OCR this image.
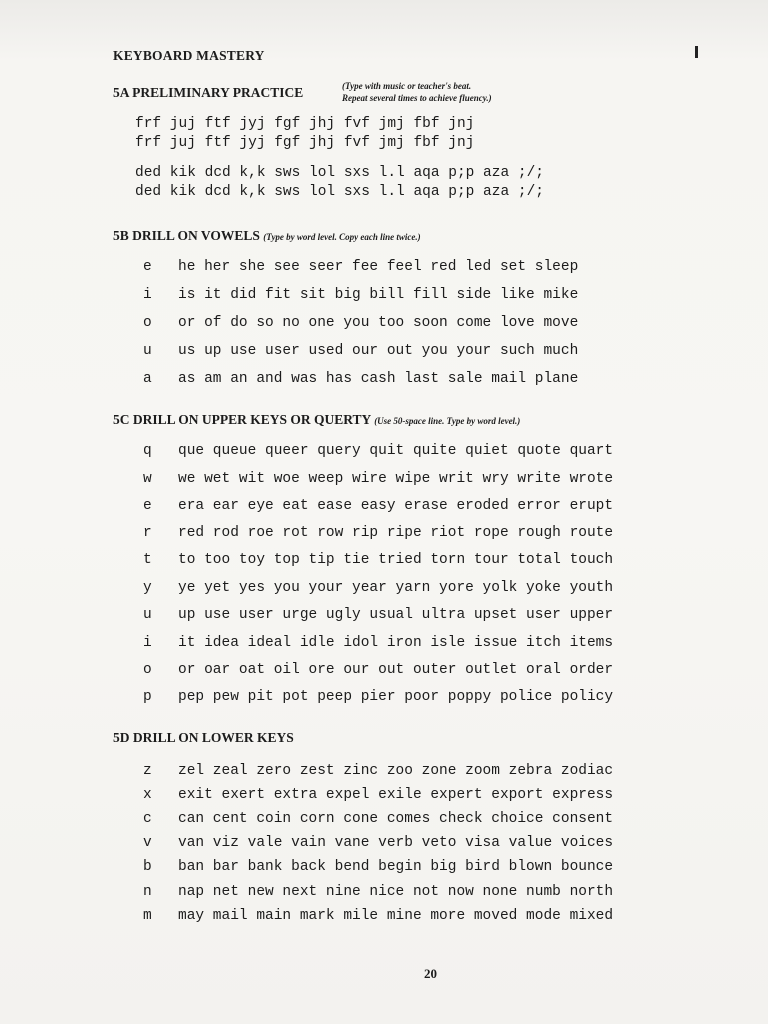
KEYBOARD MASTERY
5A PRELIMINARY PRACTICE	(Type with music or teacher's beat.
Repeat several times to achieve fluency.)
frf juj ftf jyj fgf jhj fvf jmj fbf jnj
frf juj ftf jyj fgf jhj fvf jmj fbf jnj
ded kik dcd k,k sws lol sxs l.l aqa p;p aza ;/;
ded kik dcd k,k sws lol sxs l.l aqa p;p aza ;/;
5B DRILL ON VOWELS (Type by word level. Copy each line twice.)
e he her she see seer fee feel red led set sleep
i is it did fit sit big bill fill side like mike
o or of do so no one you too soon come love move
u us up use user used our out you your such much
a as am an and was has cash last sale mail plane
5C DRILL ON UPPER KEYS OR QUERTY (Use 50-space line. Type by word level.)
q que queue queer query quit quite quiet quote quart
w we wet wit woe weep wire wipe writ wry write wrote
e era ear eye eat ease easy erase eroded error erupt
r red rod roe rot row rip ripe riot rope rough route
t to too toy top tip tie tried torn tour total touch
y ye yet yes you your year yarn yore yolk yoke youth
u up use user urge ugly usual ultra upset user upper
i it idea ideal idle idol iron isle issue itch items
o or oar oat oil ore our out outer outlet oral order
p pep pew pit pot peep pier poor poppy police policy
5D DRILL ON LOWER KEYS
z zel zeal zero zest zinc zoo zone zoom zebra zodiac
x exit exert extra expel exile expert export express
c can cent coin corn cone comes check choice consent
v van viz vale vain vane verb veto visa value voices
b ban bar bank back bend begin big bird blown bounce
n nap net new next nine nice not now none numb north
m may mail main mark mile mine more moved mode mixed
20
